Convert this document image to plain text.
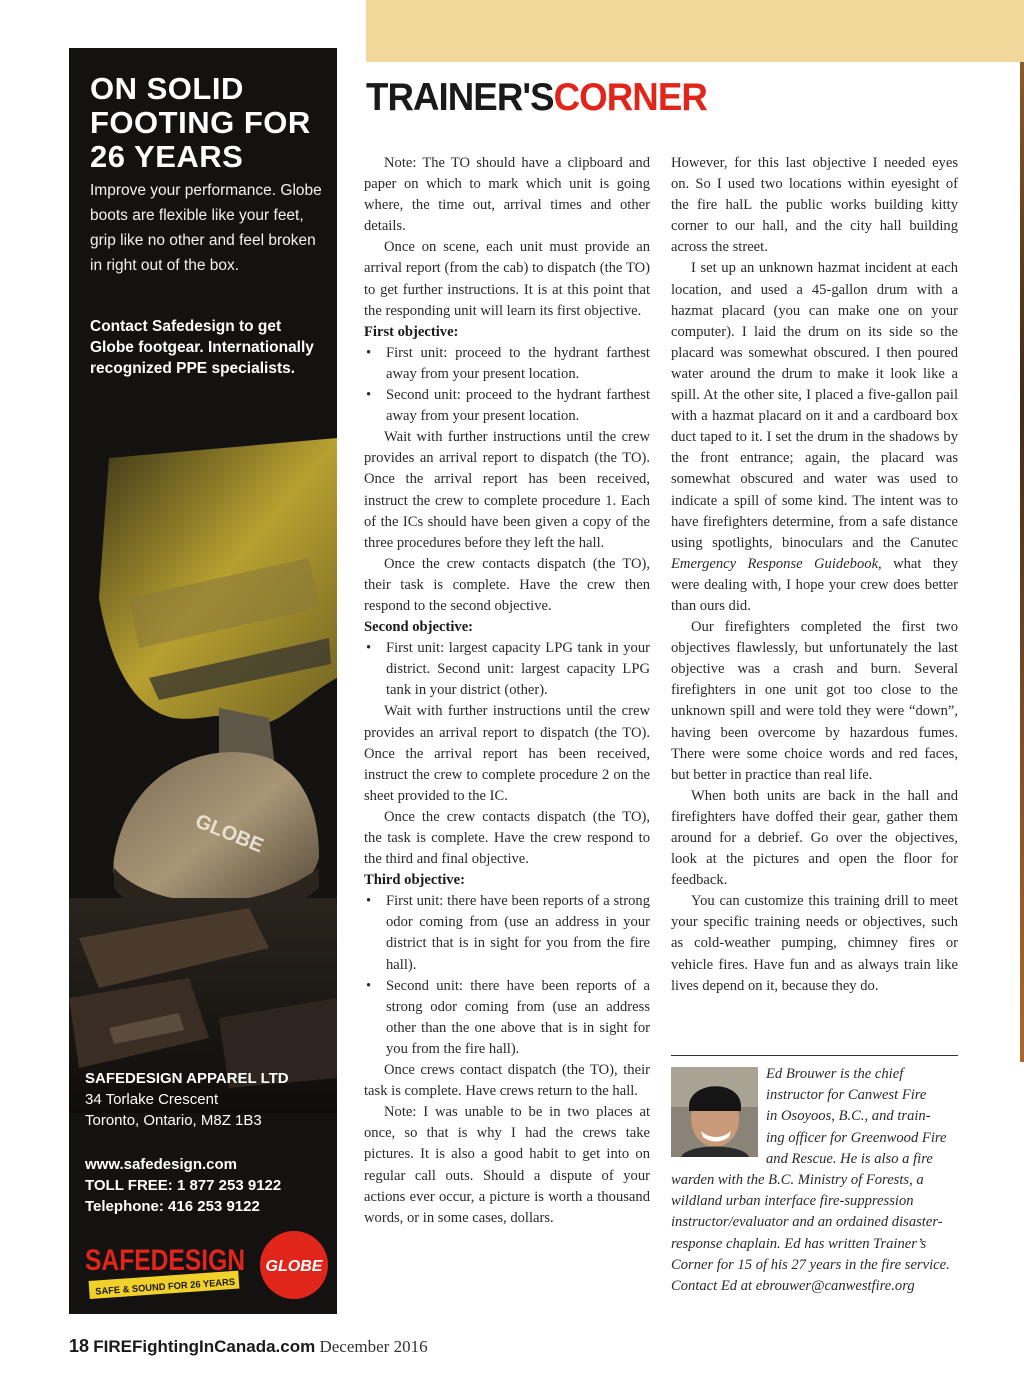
GLOBE
ON SOLID
FOOTING FOR
26 YEARS
Improve your performance. Globe boots are flexible like your feet, grip like no other and feel broken in right out of the box.
Contact Safedesign to get Globe footgear. Internationally recognized PPE specialists.
SAFEDESIGN APPAREL LTD
34 Torlake Crescent
Toronto, Ontario, M8Z 1B3
www.safedesign.com
TOLL FREE: 1 877 253 9122
Telephone: 416 253 9122
SAFEDESIGN
SAFE & SOUND FOR 26 YEARS
GLOBE
TRAINER'SCORNER

Note: The TO should have a clipboard and paper on which to mark which unit is going where, the time out, arrival times and other details.

Once on scene, each unit must provide an arrival report (from the cab) to dispatch (the TO) to get further instructions. It is at this point that the responding unit will learn its first objective.

First objective:
• First unit: proceed to the hydrant farthest away from your present location.
• Second unit: proceed to the hydrant farthest away from your present location.

Wait with further instructions until the crew provides an arrival report to dispatch (the TO). Once the arrival report has been received, instruct the crew to complete procedure 1. Each of the ICs should have been given a copy of the three procedures before they left the hall.

Once the crew contacts dispatch (the TO), their task is complete. Have the crew then respond to the second objective.

Second objective:
• First unit: largest capacity LPG tank in your district. Second unit: largest capacity LPG tank in your district (other).

Wait with further instructions until the crew provides an arrival report to dispatch (the TO). Once the arrival report has been received, instruct the crew to complete procedure 2 on the sheet provided to the IC.

Once the crew contacts dispatch (the TO), the task is complete. Have the crew respond to the third and final objective.

Third objective:
• First unit: there have been reports of a strong odor coming from (use an address in your district that is in sight for you from the fire hall).
• Second unit: there have been reports of a strong odor coming from (use an address other than the one above that is in sight for you from the fire hall).

Once crews contact dispatch (the TO), their task is complete. Have crews return to the hall.

Note: I was unable to be in two places at once, so that is why I had the crews take pictures. It is also a good habit to get into on regular call outs. Should a dispute of your actions ever occur, a picture is worth a thousand words, or in some cases, dollars.

However, for this last objective I needed eyes on. So I used two locations within eyesight of the fire halL the public works building kitty corner to our hall, and the city hall building across the street.

I set up an unknown hazmat incident at each location, and used a 45-gallon drum with a hazmat placard (you can make one on your computer). I laid the drum on its side so the placard was somewhat obscured. I then poured water around the drum to make it look like a spill. At the other site, I placed a five-gallon pail with a hazmat placard on it and a cardboard box duct taped to it. I set the drum in the shadows by the front entrance; again, the placard was somewhat obscured and water was used to indicate a spill of some kind. The intent was to have firefighters determine, from a safe distance using spotlights, binoculars and the Canutec Emergency Response Guidebook, what they were dealing with, I hope your crew does better than ours did.

Our firefighters completed the first two objectives flawlessly, but unfortunately the last objective was a crash and burn. Several firefighters in one unit got too close to the unknown spill and were told they were “down”, having been overcome by hazardous fumes. There were some choice words and red faces, but better in practice than real life.

When both units are back in the hall and firefighters have doffed their gear, gather them around for a debrief. Go over the objectives, look at the pictures and open the floor for feedback.

You can customize this training drill to meet your specific training needs or objectives, such as cold-weather pumping, chimney fires or vehicle fires. Have fun and as always train like lives depend on it, because they do.

Ed Brouwer is the chief
instructor for Canwest Fire
in Osoyoos, B.C., and train-
ing officer for Greenwood Fire
and Rescue. He is also a fire
warden with the B.C. Ministry of Forests, a wildland urban interface fire-suppression instructor/evaluator and an ordained disaster-response chaplain. Ed has written Trainer’s Corner for 15 of his 27 years in the fire service. Contact Ed at ebrouwer@canwestfire.org
18 FIREFightingInCanada.com December 2016
